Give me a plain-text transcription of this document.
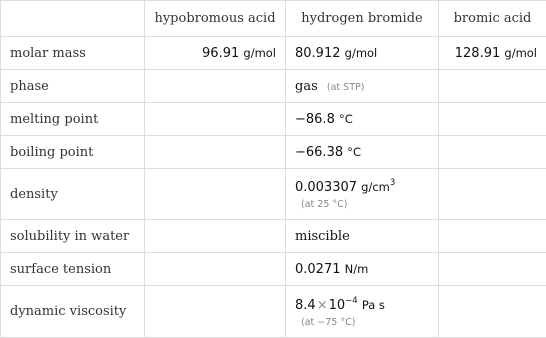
	hypobromous acid	hydrogen bromide	bromic acid
molar mass	96.91 g/mol	80.912 g/mol	128.91 g/mol
phase		gas (at STP)	
melting point		−86.8 °C	
boiling point		−66.38 °C	
density		0.003307 $g/cm^3$
(at 25 °C)	

solubility in water		miscible	
surface tension		0.0271 N/m	
dynamic viscosity		$8.4\times 10^{-4}$ Pa s
(at −75 °C)	
